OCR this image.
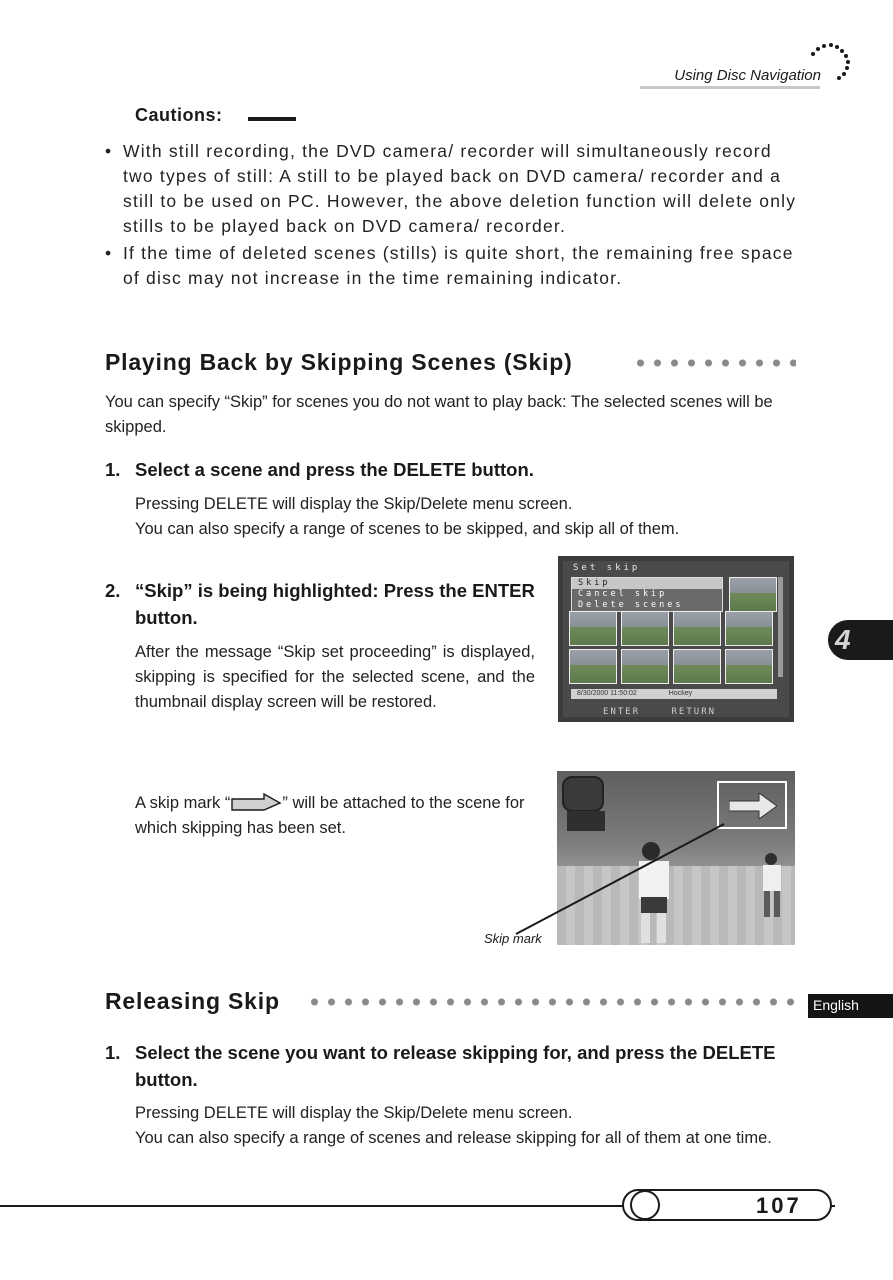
Using Disc Navigation
Cautions:
• With still recording, the DVD camera/ recorder will simultaneously record two types of still: A still to be played back on DVD camera/ recorder and a still to be used on PC. However, the above deletion function will delete only stills to be played back on DVD camera/ recorder.
• If the time of deleted scenes (stills) is quite short, the remaining free space of disc may not increase in the time remaining indicator.
Playing Back by Skipping Scenes (Skip)
You can specify “Skip” for scenes you do not want to play back: The selected scenes will be skipped.
1. Select a scene and press the DELETE button.
Pressing DELETE will display the Skip/Delete menu screen.
You can also specify a range of scenes to be skipped, and skip all of them.
2. “Skip” is being highlighted: Press the ENTER button.
After the message “Skip set proceeding” is displayed, skipping is specified for the selected scene, and the thumbnail display screen will be restored.
Set skip
Skip
Cancel skip
Delete scenes
8/30/2000 11:50:02	Hockey
ENTER	RETURN
A skip mark “	” will be attached to the scene for which skipping has been set.
Skip mark
Releasing Skip
1. Select the scene you want to release skipping for, and press the DELETE button.
Pressing DELETE will display the Skip/Delete menu screen.
You can also specify a range of scenes and release skipping for all of them at one time.
4
English
107
